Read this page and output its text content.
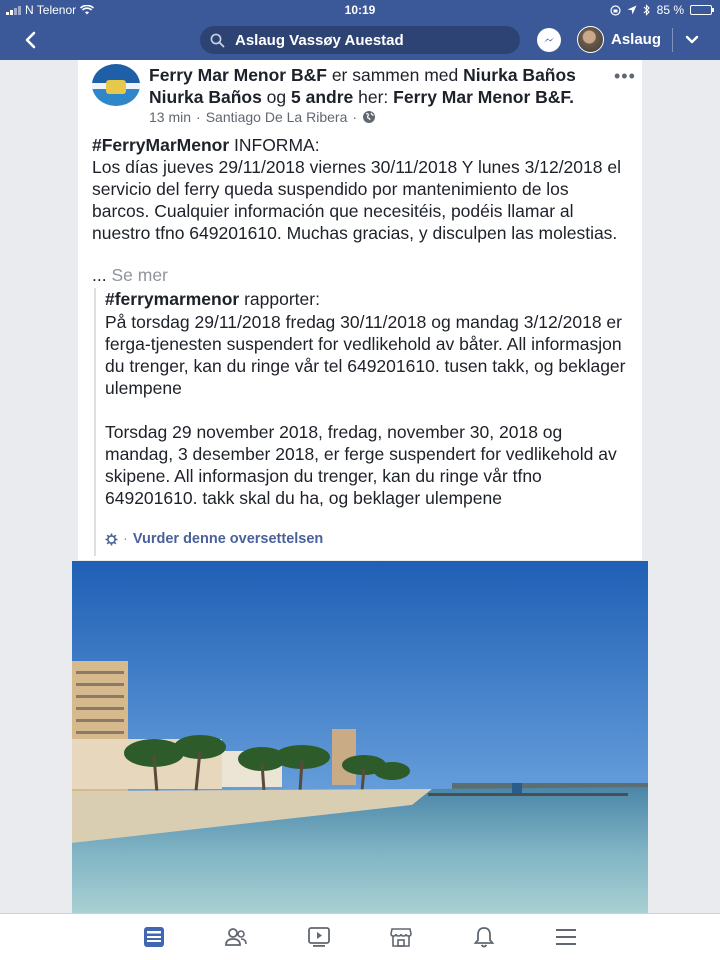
N Telenor	10:19	85 %
Aslaug Vassøy Auestad	Aslaug
Ferry Mar Menor B&F er sammen med Niurka Baños Niurka Baños og 5 andre her: Ferry Mar Menor B&F.
•••
13 min · Santiago De La Ribera ·
#FerryMarMenor INFORMA:
Los días jueves 29/11/2018 viernes 30/11/2018 Y lunes 3/12/2018 el servicio del ferry queda suspendido por mantenimiento de los barcos. Cualquier información que necesitéis, podéis llamar al nuestro tfno 649201610. Muchas gracias, y disculpen las molestias.
... Se mer
#ferrymarmenor rapporter:
På torsdag 29/11/2018 fredag 30/11/2018 og mandag 3/12/2018 er ferga-tjenesten suspendert for vedlikehold av båter. All informasjon du trenger, kan du ringe vår tel 649201610. tusen takk, og beklager ulempene
Torsdag 29 november 2018, fredag, november 30, 2018 og mandag, 3 desember 2018, er ferge suspendert for vedlikehold av skipene. All informasjon du trenger, kan du ringe vår tfno 649201610. takk skal du ha, og beklager ulempene
· Vurder denne oversettelsen
